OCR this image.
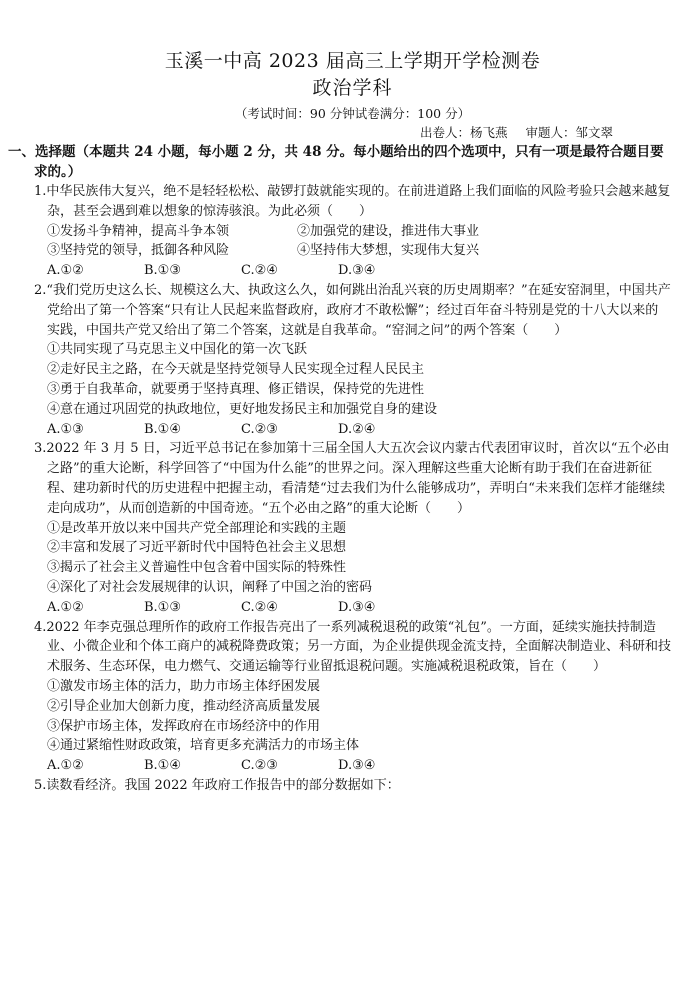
玉溪一中高 2023 届高三上学期开学检测卷
政治学科
（考试时间：90 分钟试卷满分：100 分）
出卷人：杨飞燕 审题人：邹文翠
一、选择题（本题共 24 小题，每小题 2 分，共 48 分。每小题给出的四个选项中，只有一项是最符合题目要求的。）

1.中华民族伟大复兴，绝不是轻轻松松、敲锣打鼓就能实现的。在前进道路上我们面临的风险考验只会越来越复杂，甚至会遇到难以想象的惊涛骇浪。为此必须（　　）

①发扬斗争精神，提高斗争本领	②加强党的建设，推进伟大事业
③坚持党的领导，抵御各种风险	④坚持伟大梦想，实现伟大复兴
A.①②	B.①③	C.②④	D.③④

2.“我们党历史这么长、规模这么大、执政这么久，如何跳出治乱兴衰的历史周期率？”在延安窑洞里，中国共产党给出了第一个答案“只有让人民起来监督政府，政府才不敢松懈”；经过百年奋斗特别是党的十八大以来的实践，中国共产党又给出了第二个答案，这就是自我革命。“窑洞之问”的两个答案（　　）

①共同实现了马克思主义中国化的第一次飞跃

②走好民主之路，在今天就是坚持党领导人民实现全过程人民民主

③勇于自我革命，就要勇于坚持真理、修正错误，保持党的先进性

④意在通过巩固党的执政地位，更好地发扬民主和加强党自身的建设

A.①③	B.①④	C.②③	D.②④

3.2022 年 3 月 5 日，习近平总书记在参加第十三届全国人大五次会议内蒙古代表团审议时，首次以“五个必由之路”的重大论断，科学回答了“中国为什么能”的世界之问。深入理解这些重大论断有助于我们在奋进新征程、建功新时代的历史进程中把握主动，看清楚“过去我们为什么能够成功”，弄明白“未来我们怎样才能继续走向成功”，从而创造新的中国奇迹。“五个必由之路”的重大论断（　　）

①是改革开放以来中国共产党全部理论和实践的主题

②丰富和发展了习近平新时代中国特色社会主义思想

③揭示了社会主义普遍性中包含着中国实际的特殊性

④深化了对社会发展规律的认识，阐释了中国之治的密码

A.①②	B.①③	C.②④	D.③④

4.2022 年李克强总理所作的政府工作报告亮出了一系列减税退税的政策“礼包”。一方面，延续实施扶持制造业、小微企业和个体工商户的减税降费政策；另一方面，为企业提供现金流支持，全面解决制造业、科研和技术服务、生态环保，电力燃气、交通运输等行业留抵退税问题。实施减税退税政策，旨在（　　）

①激发市场主体的活力，助力市场主体纾困发展

②引导企业加大创新力度，推动经济高质量发展

③保护市场主体，发挥政府在市场经济中的作用

④通过紧缩性财政政策，培育更多充满活力的市场主体

A.①②	B.①④	C.②③	D.③④

5.读数看经济。我国 2022 年政府工作报告中的部分数据如下：
